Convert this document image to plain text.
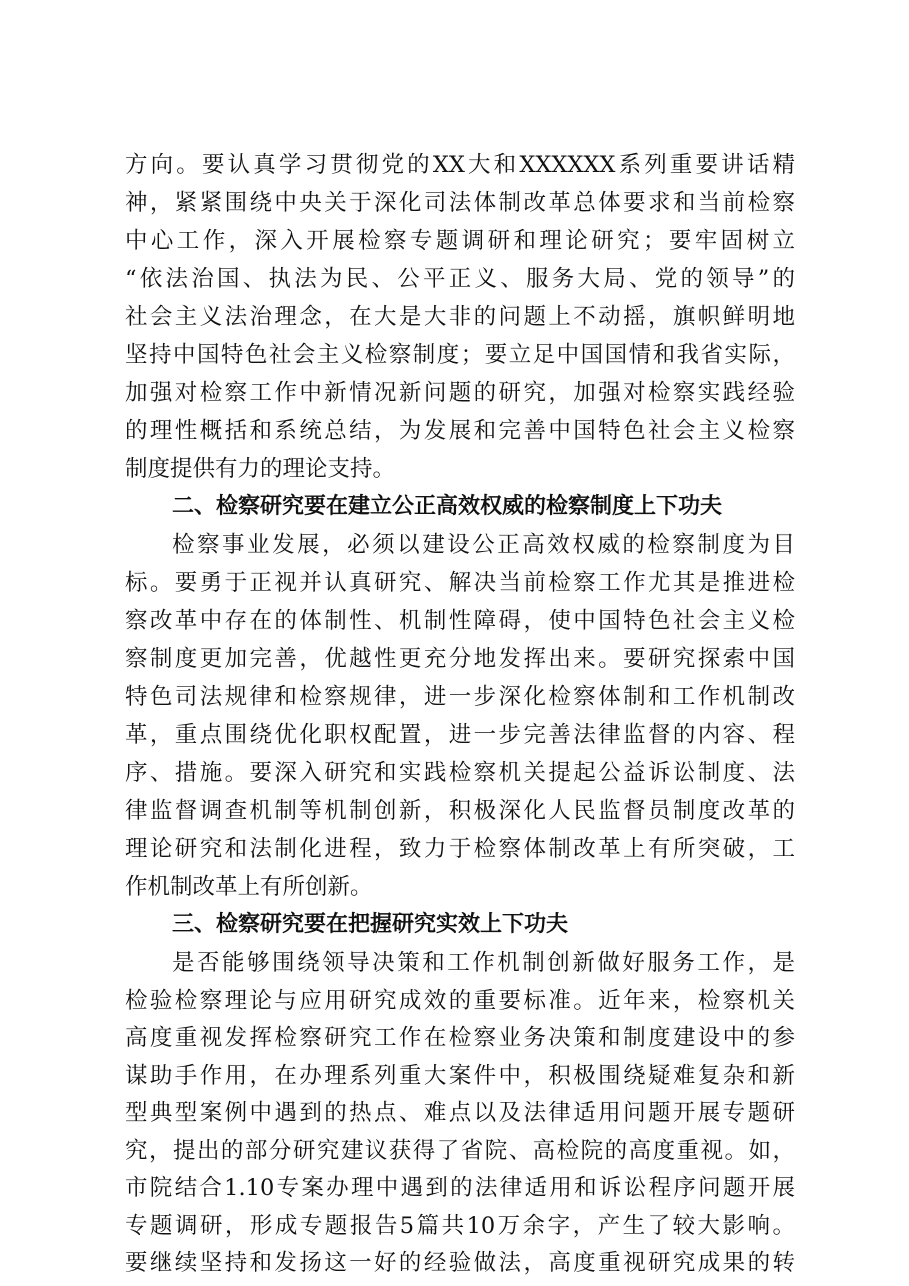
方向。要认真学习贯彻党的XX大和XXXXXX系列重要讲话精
神，紧紧围绕中央关于深化司法体制改革总体要求和当前检察
中心工作，深入开展检察专题调研和理论研究；要牢固树立
“依法治国、执法为民、公平正义、服务大局、党的领导”的
社会主义法治理念，在大是大非的问题上不动摇，旗帜鲜明地
坚持中国特色社会主义检察制度；要立足中国国情和我省实际，
加强对检察工作中新情况新问题的研究，加强对检察实践经验
的理性概括和系统总结，为发展和完善中国特色社会主义检察
制度提供有力的理论支持。
二、检察研究要在建立公正高效权威的检察制度上下功夫
检察事业发展，必须以建设公正高效权威的检察制度为目
标。要勇于正视并认真研究、解决当前检察工作尤其是推进检
察改革中存在的体制性、机制性障碍，使中国特色社会主义检
察制度更加完善，优越性更充分地发挥出来。要研究探索中国
特色司法规律和检察规律，进一步深化检察体制和工作机制改
革，重点围绕优化职权配置，进一步完善法律监督的内容、程
序、措施。要深入研究和实践检察机关提起公益诉讼制度、法
律监督调查机制等机制创新，积极深化人民监督员制度改革的
理论研究和法制化进程，致力于检察体制改革上有所突破，工
作机制改革上有所创新。
三、检察研究要在把握研究实效上下功夫
是否能够围绕领导决策和工作机制创新做好服务工作，是
检验检察理论与应用研究成效的重要标准。近年来，检察机关
高度重视发挥检察研究工作在检察业务决策和制度建设中的参
谋助手作用，在办理系列重大案件中，积极围绕疑难复杂和新
型典型案例中遇到的热点、难点以及法律适用问题开展专题研
究，提出的部分研究建议获得了省院、高检院的高度重视。如，
市院结合1.10专案办理中遇到的法律适用和诉讼程序问题开展
专题调研，形成专题报告5篇共10万余字，产生了较大影响。
要继续坚持和发扬这一好的经验做法，高度重视研究成果的转
